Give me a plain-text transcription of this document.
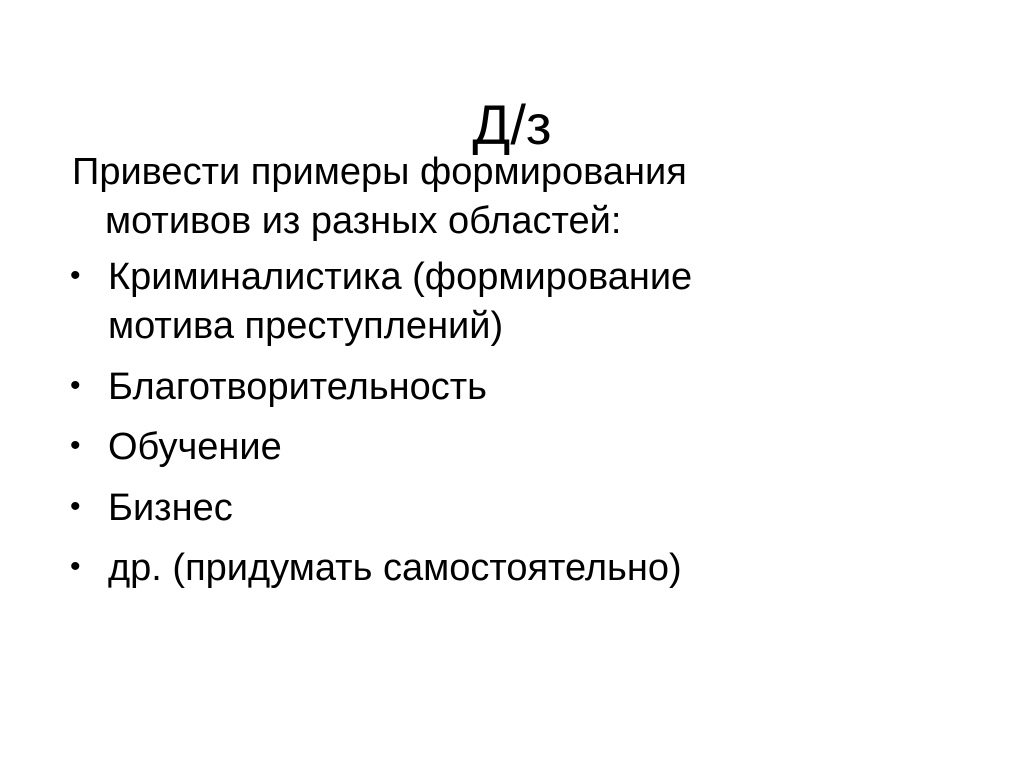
Д/з

Привести примеры формирования
мотивов из разных областей:

• Криминалистика (формирование
мотива преступлений)
• Благотворительность
• Обучение
• Бизнес
• др. (придумать самостоятельно)
